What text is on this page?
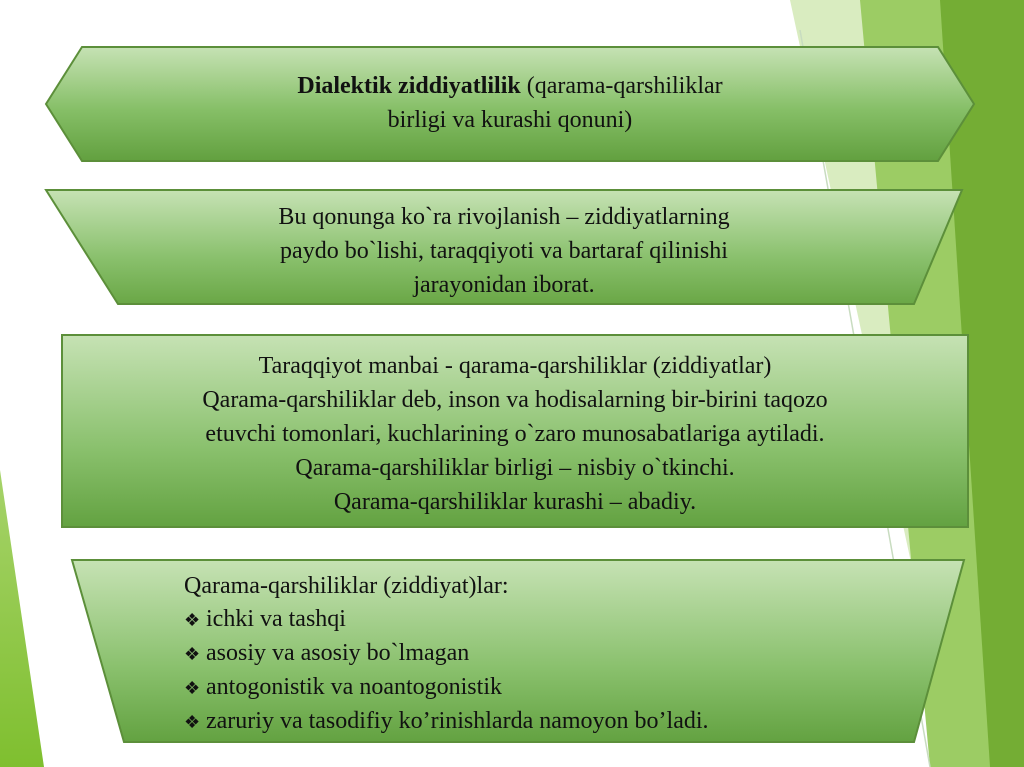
Dialektik ziddiyatlilik (qarama-qarshiliklar
birligi va kurashi qonuni)
Bu qonunga ko`ra rivojlanish – ziddiyatlarning
paydo bo`lishi, taraqqiyoti va bartaraf qilinishi
jarayonidan iborat.
Taraqqiyot manbai - qarama-qarshiliklar (ziddiyatlar)
Qarama-qarshiliklar deb, inson va hodisalarning bir-birini taqozo
etuvchi tomonlari, kuchlarining o`zaro munosabatlariga aytiladi.
Qarama-qarshiliklar birligi – nisbiy o`tkinchi.
Qarama-qarshiliklar kurashi – abadiy.
Qarama-qarshiliklar (ziddiyat)lar:
❖ ichki va tashqi
❖ asosiy va asosiy bo`lmagan
❖ antogonistik va noantogonistik
❖ zaruriy va tasodifiy ko’rinishlarda namoyon bo’ladi.
